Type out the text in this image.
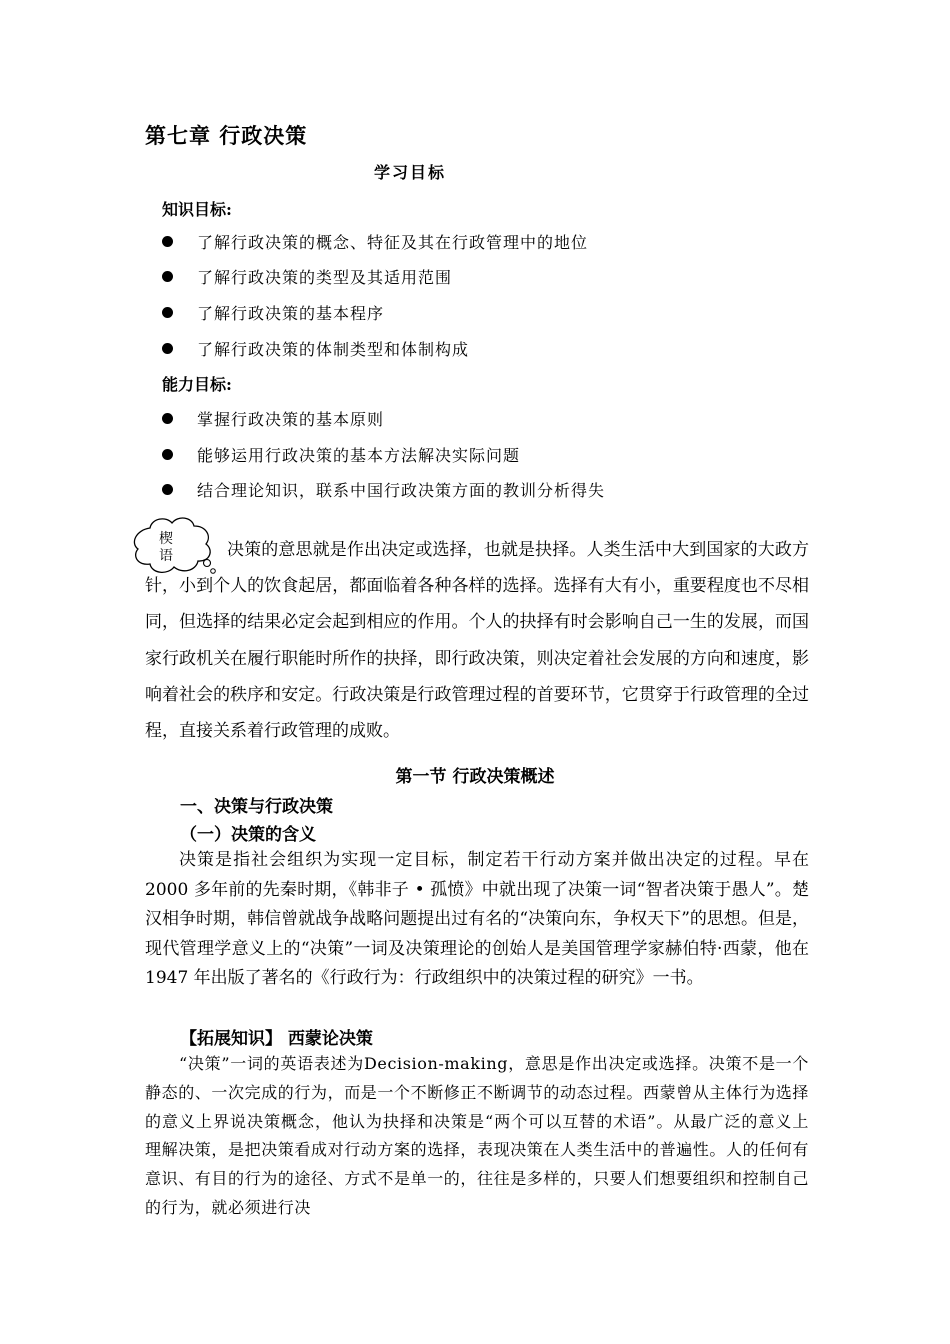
第七章 行政决策
学习目标
知识目标:
了解行政决策的概念、特征及其在行政管理中的地位
了解行政决策的类型及其适用范围
了解行政决策的基本程序
了解行政决策的体制类型和体制构成
能力目标:
掌握行政决策的基本原则
能够运用行政决策的基本方法解决实际问题
结合理论知识，联系中国行政决策方面的教训分析得失
楔语	决策的意思就是作出决定或选择，也就是抉择。人类生活中大到国家的大政方针，小到个人的饮食起居，都面临着各种各样的选择。选择有大有小，重要程度也不尽相同，但选择的结果必定会起到相应的作用。个人的抉择有时会影响自己一生的发展，而国家行政机关在履行职能时所作的抉择，即行政决策，则决定着社会发展的方向和速度，影响着社会的秩序和安定。行政决策是行政管理过程的首要环节，它贯穿于行政管理的全过程，直接关系着行政管理的成败。

第一节 行政决策概述
一、决策与行政决策
（一）决策的含义

决策是指社会组织为实现一定目标，制定若干行动方案并做出决定的过程。早在 2000 多年前的先秦时期，《韩非子 • 孤愤》中就出现了决策一词“智者决策于愚人”。楚汉相争时期，韩信曾就战争战略问题提出过有名的“决策向东，争权天下”的思想。但是，现代管理学意义上的“决策”一词及决策理论的创始人是美国管理学家赫伯特·西蒙，他在 1947 年出版了著名的《行政行为：行政组织中的决策过程的研究》一书。

【拓展知识】 西蒙论决策

“决策”一词的英语表述为Decision-making，意思是作出决定或选择。决策不是一个静态的、一次完成的行为，而是一个不断修正不断调节的动态过程。西蒙曾从主体行为选择的意义上界说决策概念，他认为抉择和决策是“两个可以互替的术语”。从最广泛的意义上理解决策，是把决策看成对行动方案的选择，表现决策在人类生活中的普遍性。人的任何有意识、有目的行为的途径、方式不是单一的，往往是多样的，只要人们想要组织和控制自己的行为，就必须进行决
